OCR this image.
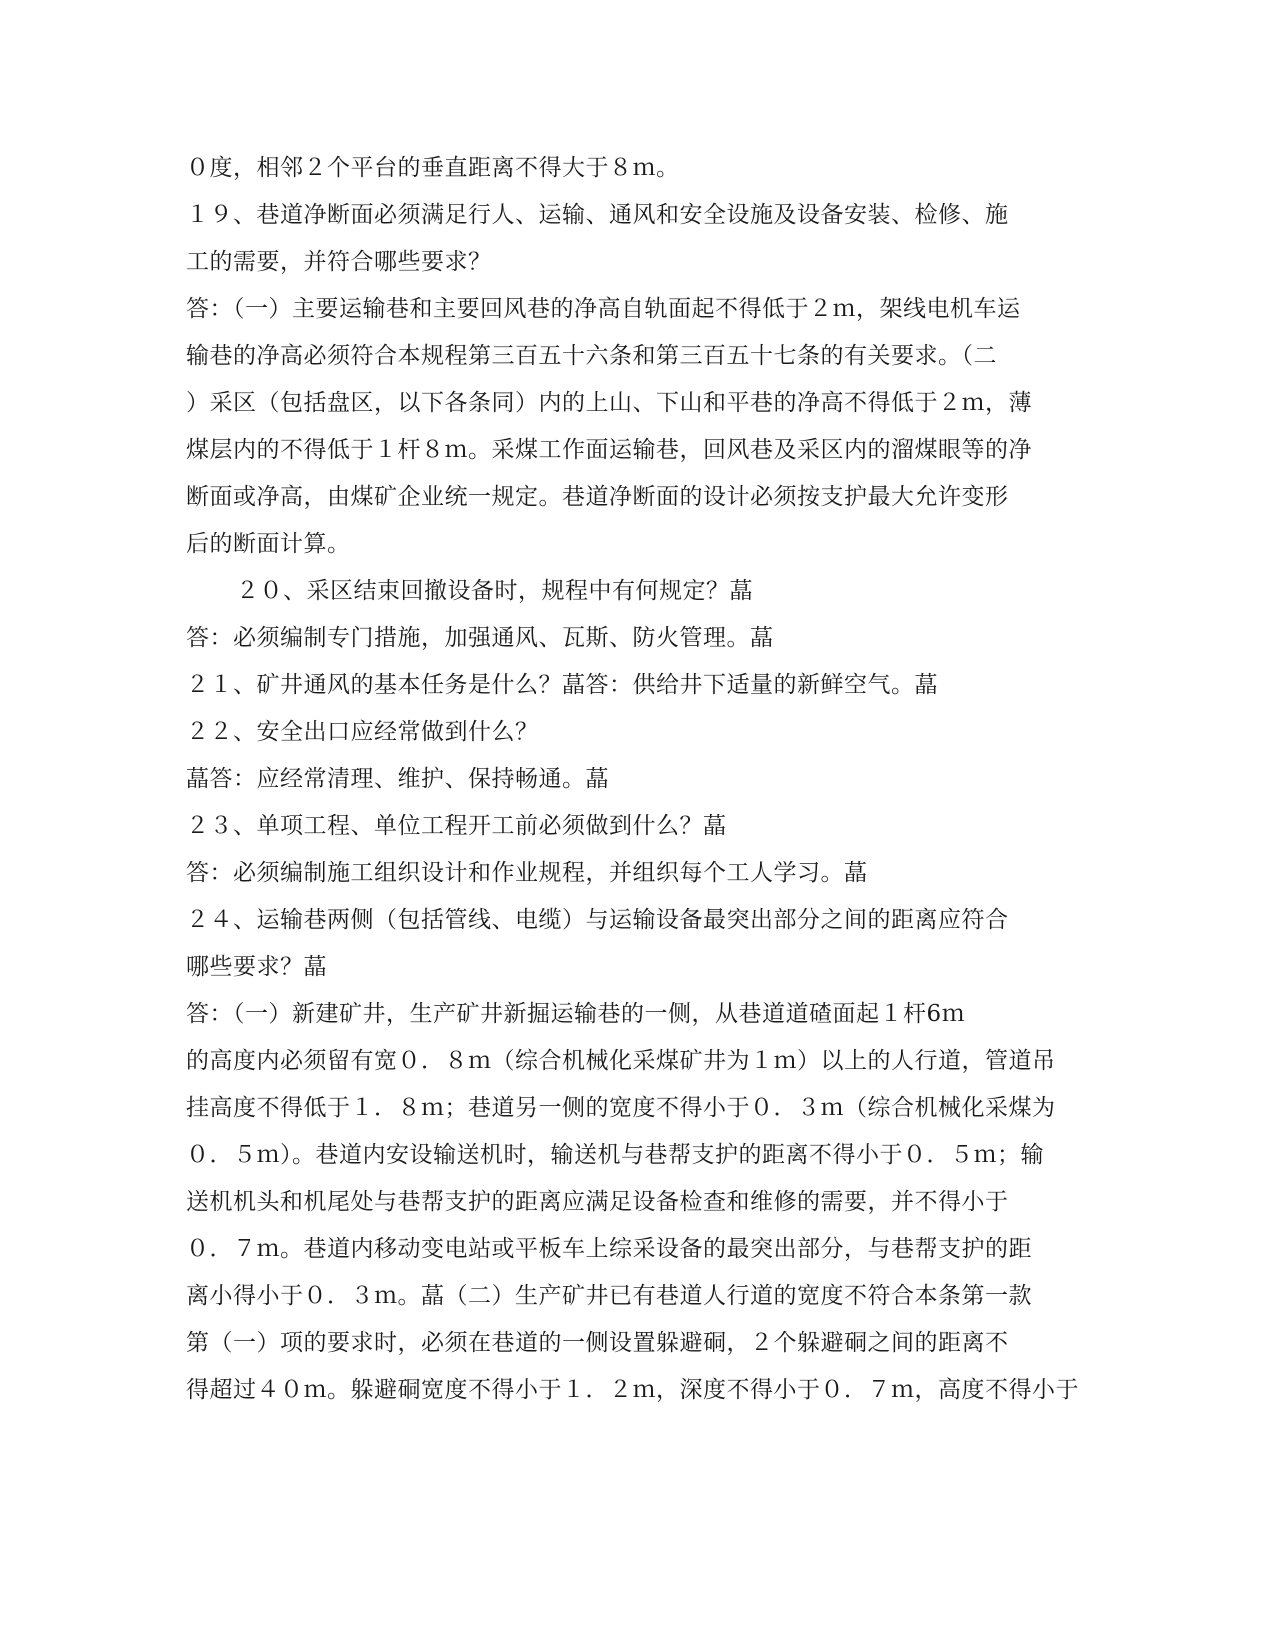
０度，相邻２个平台的垂直距离不得大于８ｍ。
１９、巷道净断面必须满足行人、运输、通风和安全设施及设备安装、检修、施
工的需要，并符合哪些要求？
答：（一）主要运输巷和主要回风巷的净高自轨面起不得低于２ｍ，架线电机车运
输巷的净高必须符合本规程第三百五十六条和第三百五十七条的有关要求。（二
）采区（包括盘区，以下各条同）内的上山、下山和平巷的净高不得低于２ｍ，薄
煤层内的不得低于１杆８ｍ。采煤工作面运输巷，回风巷及采区内的溜煤眼等的净
断面或净高，由煤矿企业统一规定。巷道净断面的设计必须按支护最大允许变形
后的断面计算。
２０、采区结束回撤设备时，规程中有何规定？蕌
答：必须编制专门措施，加强通风、瓦斯、防火管理。蕌
２１、矿井通风的基本任务是什么？蕌答：供给井下适量的新鲜空气。蕌
２２、安全出口应经常做到什么？
蕌答：应经常清理、维护、保持畅通。蕌
２３、单项工程、单位工程开工前必须做到什么？蕌
答：必须编制施工组织设计和作业规程，并组织每个工人学习。蕌
２４、运输巷两侧（包括管线、电缆）与运输设备最突出部分之间的距离应符合
哪些要求？蕌
答：（一）新建矿井，生产矿井新掘运输巷的一侧，从巷道道碴面起１杆6ｍ
的高度内必须留有宽０．８ｍ（综合机械化采煤矿井为１ｍ）以上的人行道，管道吊
挂高度不得低于１．８ｍ；巷道另一侧的宽度不得小于０．３ｍ（综合机械化采煤为
０．５ｍ）。巷道内安设输送机时，输送机与巷帮支护的距离不得小于０．５ｍ；输
送机机头和机尾处与巷帮支护的距离应满足设备检查和维修的需要，并不得小于
０．７ｍ。巷道内移动变电站或平板车上综采设备的最突出部分，与巷帮支护的距
离小得小于０．３ｍ。蕌（二）生产矿井已有巷道人行道的宽度不符合本条第一款
第（一）项的要求时，必须在巷道的一侧设置躲避硐，２个躲避硐之间的距离不
得超过４０ｍ。躲避硐宽度不得小于１．２ｍ，深度不得小于０．７ｍ，高度不得小于
